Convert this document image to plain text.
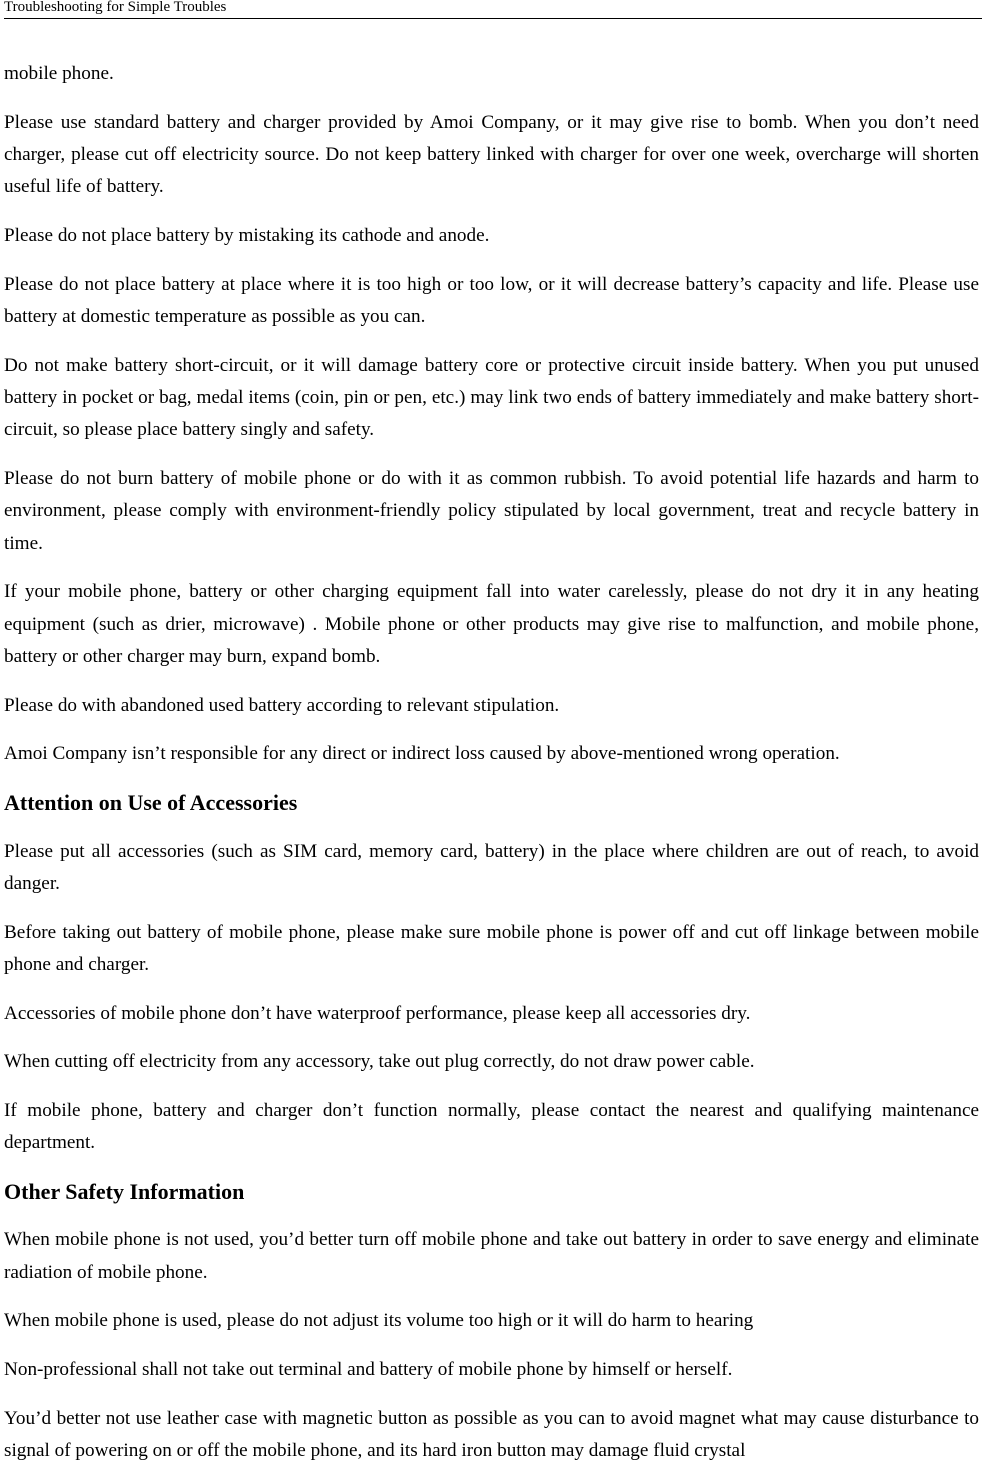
Troubleshooting for Simple Troubles

mobile phone.

Please use standard battery and charger provided by Amoi Company, or it may give rise to bomb. When you don’t need charger, please cut off electricity source. Do not keep battery linked with charger for over one week, overcharge will shorten useful life of battery.

Please do not place battery by mistaking its cathode and anode.

Please do not place battery at place where it is too high or too low, or it will decrease battery’s capacity and life. Please use battery at domestic temperature as possible as you can.

Do not make battery short-circuit, or it will damage battery core or protective circuit inside battery. When you put unused battery in pocket or bag, medal items (coin, pin or pen, etc.) may link two ends of battery immediately and make battery short-circuit, so please place battery singly and safety.

Please do not burn battery of mobile phone or do with it as common rubbish. To avoid potential life hazards and harm to environment, please comply with environment-friendly policy stipulated by local government, treat and recycle battery in time.

If your mobile phone, battery or other charging equipment fall into water carelessly, please do not dry it in any heating equipment (such as drier, microwave) . Mobile phone or other products may give rise to malfunction, and mobile phone, battery or other charger may burn, expand bomb.

Please do with abandoned used battery according to relevant stipulation.

Amoi Company isn’t responsible for any direct or indirect loss caused by above-mentioned wrong operation.

Attention on Use of Accessories

Please put all accessories (such as SIM card, memory card, battery) in the place where children are out of reach, to avoid danger.

Before taking out battery of mobile phone, please make sure mobile phone is power off and cut off linkage between mobile phone and charger.

Accessories of mobile phone don’t have waterproof performance, please keep all accessories dry.

When cutting off electricity from any accessory, take out plug correctly, do not draw power cable.

If mobile phone, battery and charger don’t function normally, please contact the nearest and qualifying maintenance department.

Other Safety Information

When mobile phone is not used, you’d better turn off mobile phone and take out battery in order to save energy and eliminate radiation of mobile phone.

When mobile phone is used, please do not adjust its volume too high or it will do harm to hearing

Non-professional shall not take out terminal and battery of mobile phone by himself or herself.

You’d better not use leather case with magnetic button as possible as you can to avoid magnet what may cause disturbance to signal of powering on or off the mobile phone, and its hard iron button may damage fluid crystal
